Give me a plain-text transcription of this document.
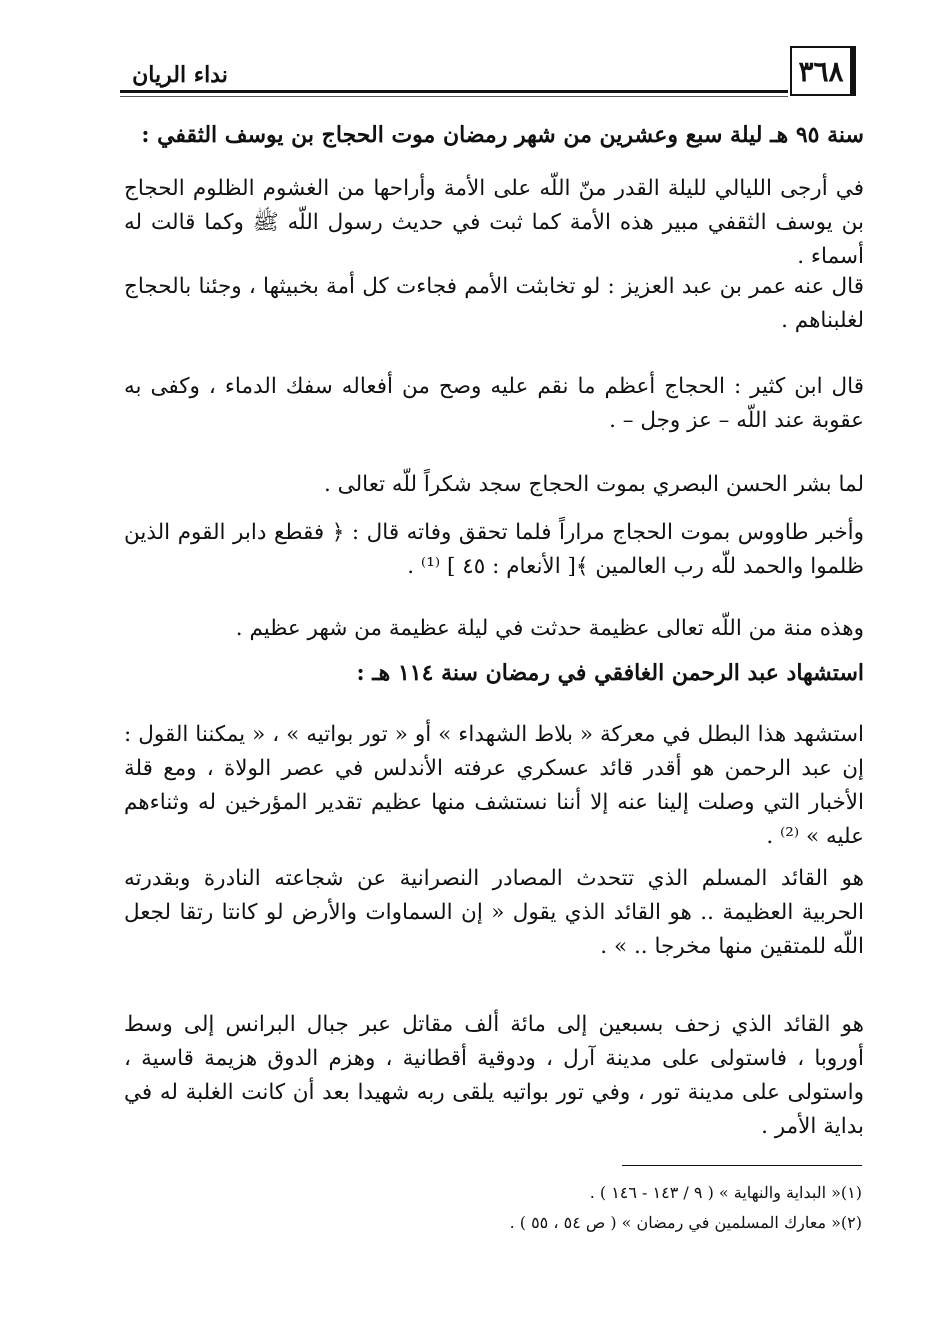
٣٦٨
نداء الريان
سنة ٩٥ هـ ليلة سبع وعشرين من شهر رمضان موت الحجاج بن يوسف الثقفي :
في أرجى الليالي لليلة القدر منّ اللّه على الأمة وأراحها من الغشوم الظلوم الحجاج بن يوسف الثقفي مبير هذه الأمة كما ثبت في حديث رسول اللّه ﷺ وكما قالت له أسماء .
قال عنه عمر بن عبد العزيز : لو تخابثت الأمم فجاءت كل أمة بخبيثها ، وجئنا بالحجاج لغلبناهم .
قال ابن كثير : الحجاج أعظم ما نقم عليه وصح من أفعاله سفك الدماء ، وكفى به عقوبة عند اللّه – عز وجل – .
لما بشر الحسن البصري بموت الحجاج سجد شكراً للّه تعالى .
وأخبر طاووس بموت الحجاج مراراً فلما تحقق وفاته قال : ﴿ فقطع دابر القوم الذين ظلموا والحمد للّه رب العالمين ﴾[ الأنعام : ٤٥ ] ⁽¹⁾ .
وهذه منة من اللّه تعالى عظيمة حدثت في ليلة عظيمة من شهر عظيم .
استشهاد عبد الرحمن الغافقي في رمضان سنة ١١٤ هـ :
استشهد هذا البطل في معركة « بلاط الشهداء » أو « تور بواتيه » ، « يمكننا القول : إن عبد الرحمن هو أقدر قائد عسكري عرفته الأندلس في عصر الولاة ، ومع قلة الأخبار التي وصلت إلينا عنه إلا أننا نستشف منها عظيم تقدير المؤرخين له وثناءهم عليه » ⁽²⁾ .
هو القائد المسلم الذي تتحدث المصادر النصرانية عن شجاعته النادرة وبقدرته الحربية العظيمة .. هو القائد الذي يقول « إن السماوات والأرض لو كانتا رتقا لجعل اللّه للمتقين منها مخرجا .. » .
هو القائد الذي زحف بسبعين إلى مائة ألف مقاتل عبر جبال البرانس إلى وسط أوروبا ، فاستولى على مدينة آرل ، ودوقية أقطانية ، وهزم الدوق هزيمة قاسية ، واستولى على مدينة تور ، وفي تور بواتيه يلقى ربه شهيدا بعد أن كانت الغلبة له في بداية الأمر .
(١)« البداية والنهاية » ( ٩ / ١٤٣ - ١٤٦ ) .
(٢)« معارك المسلمين في رمضان » ( ص ٥٤ ، ٥٥ ) .
